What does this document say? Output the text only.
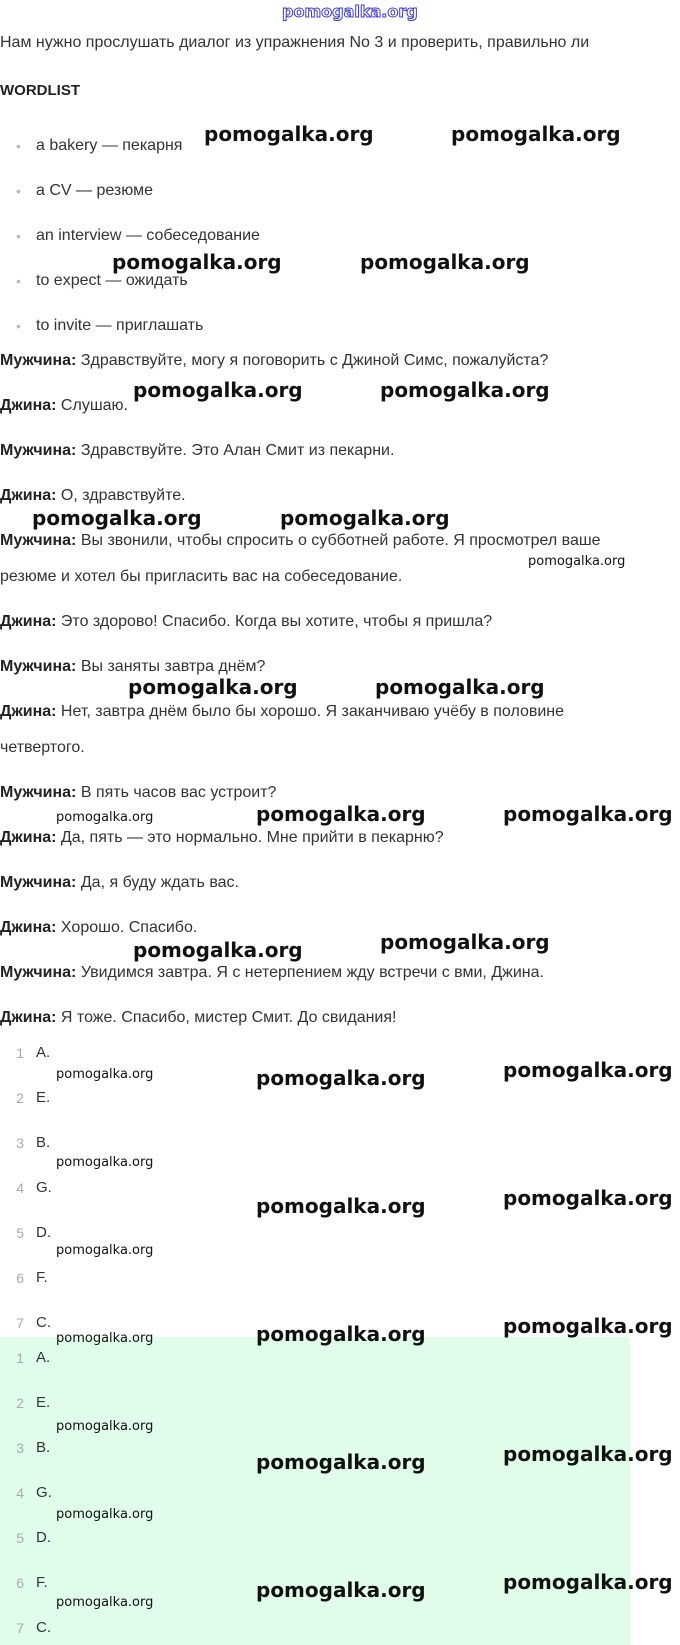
pomogalka.org
Нам нужно прослушать диалог из упражнения No 3 и проверить, правильно ли
WORDLIST
• a bakery — пекарня
• a CV — резюме
• an interview — собеседование
• to expect — ожидать
• to invite — приглашать
Мужчина: Здравствуйте, могу я поговорить с Джиной Симс, пожалуйста?
Джина: Слушаю.
Мужчина: Здравствуйте. Это Алан Смит из пекарни.
Джина: О, здравствуйте.
Мужчина: Вы звонили, чтобы спросить о субботней работе. Я просмотрел ваше
резюме и хотел бы пригласить вас на собеседование.
Джина: Это здорово! Спасибо. Когда вы хотите, чтобы я пришла?
Мужчина: Вы заняты завтра днём?
Джина: Нет, завтра днём было бы хорошо. Я заканчиваю учёбу в половине
четвертого.
Мужчина: В пять часов вас устроит?
Джина: Да, пять — это нормально. Мне прийти в пекарню?
Мужчина: Да, я буду ждать вас.
Джина: Хорошо. Спасибо.
Мужчина: Увидимся завтра. Я с нетерпением жду встречи с вми, Джина.
Джина: Я тоже. Спасибо, мистер Смит. До свидания!
1 A.
2 E.
3 B.
4 G.
5 D.
6 F.
7 C.
1 A.
2 E.
3 B.
4 G.
5 D.
6 F.
7 C.
pomogalka.org	pomogalka.org
pomogalka.org	pomogalka.org
pomogalka.org	pomogalka.org
pomogalka.org	pomogalka.org
pomogalka.org
pomogalka.org	pomogalka.org
pomogalka.org	pomogalka.org	pomogalka.org
pomogalka.org
pomogalka.org
pomogalka.org	pomogalka.org	pomogalka.org
pomogalka.org
pomogalka.org	pomogalka.org
pomogalka.org
pomogalka.org	pomogalka.org	pomogalka.org
pomogalka.org
pomogalka.org	pomogalka.org
pomogalka.org
pomogalka.org	pomogalka.org
pomogalka.org
